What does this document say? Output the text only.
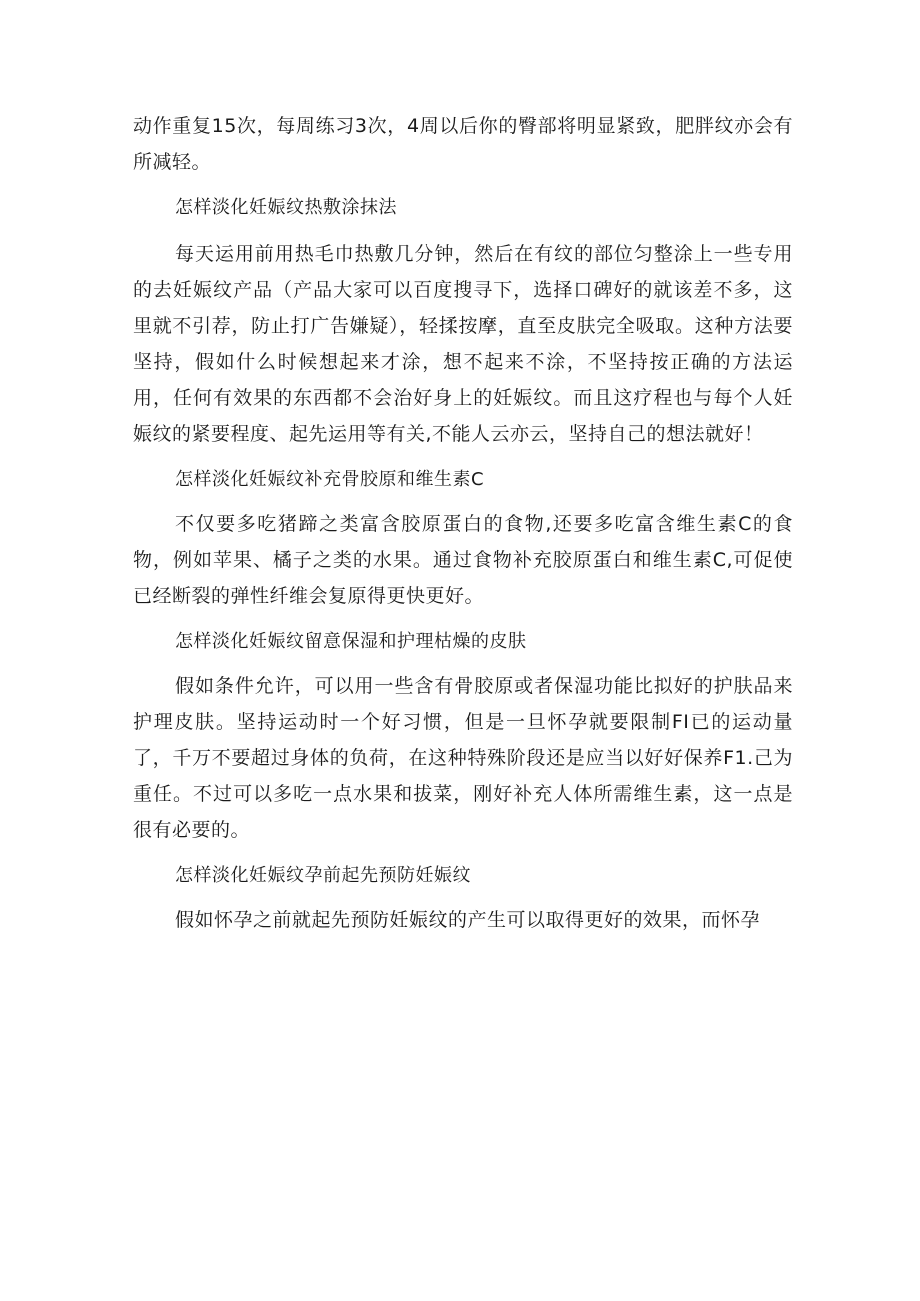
动作重复15次，每周练习3次，4周以后你的臀部将明显紧致，肥胖纹亦会有所减轻。

怎样淡化妊娠纹热敷涂抹法

每天运用前用热毛巾热敷几分钟，然后在有纹的部位匀整涂上一些专用的去妊娠纹产品（产品大家可以百度搜寻下，选择口碑好的就该差不多，这里就不引荐，防止打广告嫌疑），轻揉按摩，直至皮肤完全吸取。这种方法要坚持，假如什么时候想起来才涂，想不起来不涂，不坚持按正确的方法运用，任何有效果的东西都不会治好身上的妊娠纹。而且这疗程也与每个人妊娠纹的紧要程度、起先运用等有关,不能人云亦云，坚持自己的想法就好！

怎样淡化妊娠纹补充骨胶原和维生素C

不仅要多吃猪蹄之类富含胶原蛋白的食物,还要多吃富含维生素C的食物，例如苹果、橘子之类的水果。通过食物补充胶原蛋白和维生素C,可促使已经断裂的弹性纤维会复原得更快更好。

怎样淡化妊娠纹留意保湿和护理枯燥的皮肤

假如条件允许，可以用一些含有骨胶原或者保湿功能比拟好的护肤品来护理皮肤。坚持运动时一个好习惯，但是一旦怀孕就要限制FI已的运动量了，千万不要超过身体的负荷，在这种特殊阶段还是应当以好好保养F1.己为重任。不过可以多吃一点水果和拔菜，刚好补充人体所需维生素，这一点是很有必要的。

怎样淡化妊娠纹孕前起先预防妊娠纹

假如怀孕之前就起先预防妊娠纹的产生可以取得更好的效果，而怀孕
